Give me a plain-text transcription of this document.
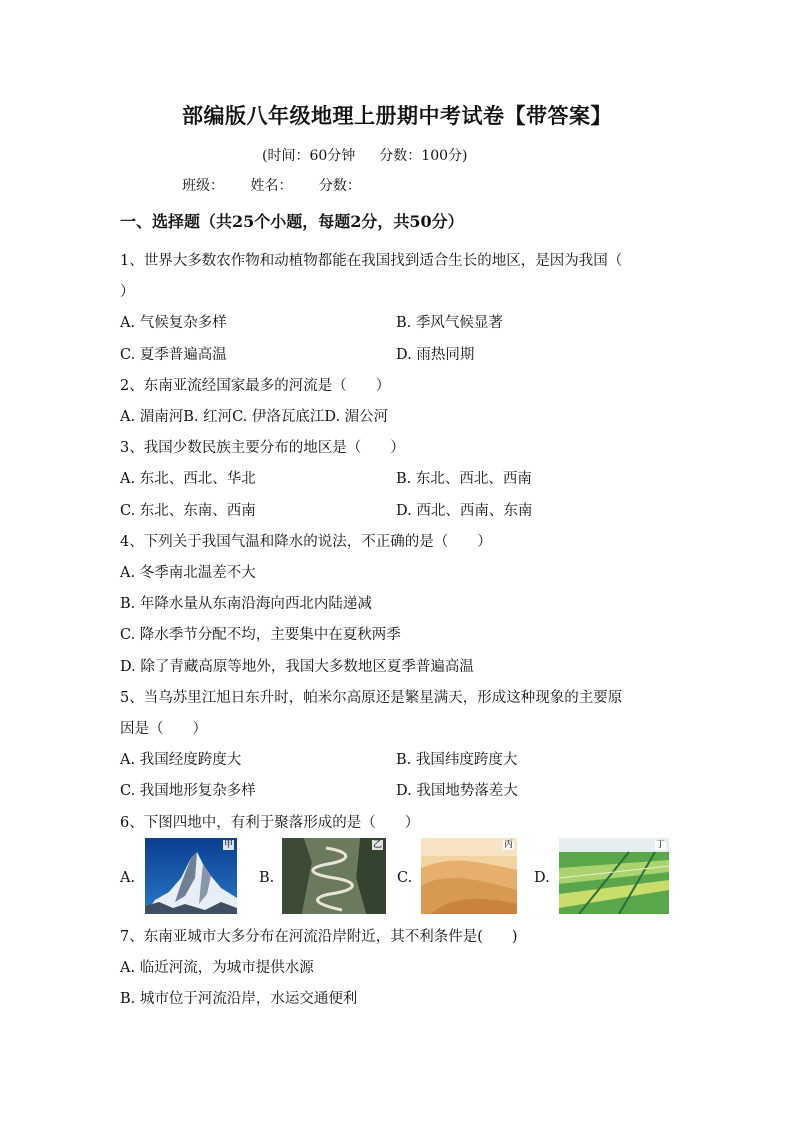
部编版八年级地理上册期中考试卷【带答案】
(时间：60分钟 分数：100分)
班级： 姓名： 分数：
一、选择题（共25个小题，每题2分，共50分）
1、世界大多数农作物和动植物都能在我国找到适合生长的地区，是因为我国（
）
A. 气候复杂多样	B. 季风气候显著
C. 夏季普遍高温	D. 雨热同期
2、东南亚流经国家最多的河流是（　　）
A. 湄南河B. 红河C. 伊洛瓦底江D. 湄公河
3、我国少数民族主要分布的地区是（　　）
A. 东北、西北、华北	B. 东北、西北、西南
C. 东北、东南、西南	D. 西北、西南、东南
4、下列关于我国气温和降水的说法，不正确的是（　　）
A. 冬季南北温差不大
B. 年降水量从东南沿海向西北内陆递减
C. 降水季节分配不均，主要集中在夏秋两季
D. 除了青藏高原等地外，我国大多数地区夏季普遍高温
5、当乌苏里江旭日东升时，帕米尔高原还是繁星满天，形成这种现象的主要原
因是（　　）
A. 我国经度跨度大	B. 我国纬度跨度大
C. 我国地形复杂多样	D. 我国地势落差大
6、下图四地中，有利于聚落形成的是（　　）
A.
甲
B.
乙
C.
丙
D.
丁
7、东南亚城市大多分布在河流沿岸附近，其不利条件是(　　)
A. 临近河流，为城市提供水源
B. 城市位于河流沿岸，水运交通便利
